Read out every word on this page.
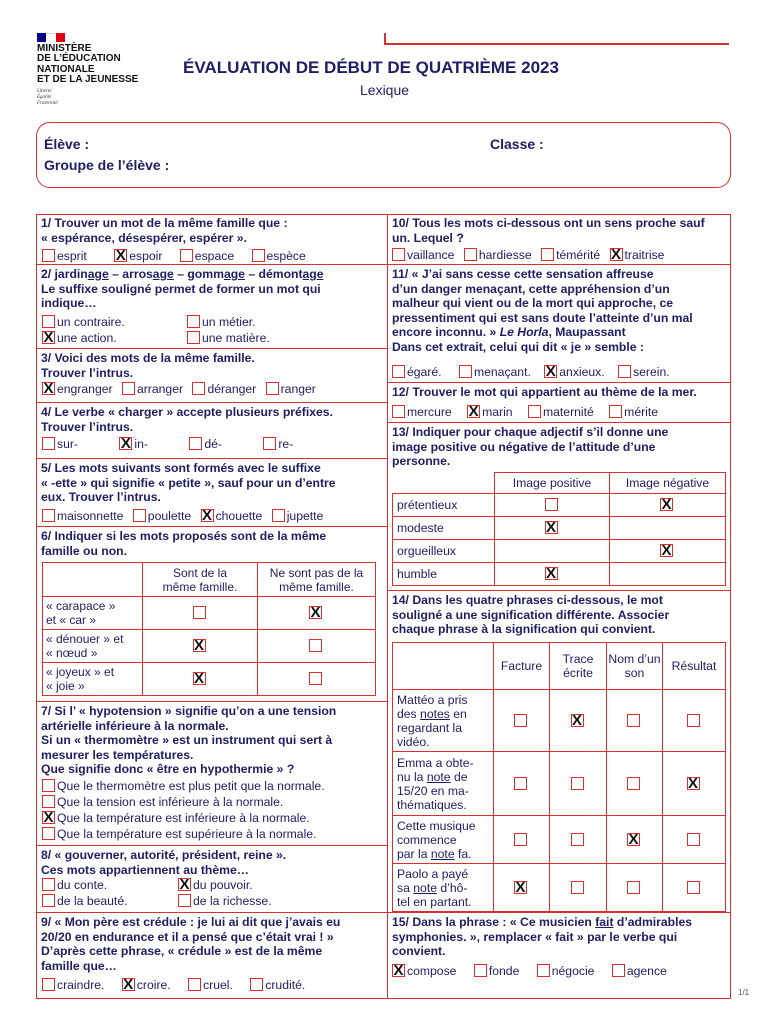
MINISTÈRE
DE L’ÉDUCATION
NATIONALE
ET DE LA JEUNESSE
Liberté
Égalité
Fraternité
ÉVALUATION DE DÉBUT DE QUATRIÈME 2023
Lexique
Élève :	Classe :
Groupe de l’élève :
1/ Trouver un mot de la même famille que :
« espérance, désespérer, espérer ».
esprit X	espoir	espace	espèce
2/ jardinage – arrosage – gommage – démontage
Le suffixe souligné permet de former un mot qui
indique…
un contraire.	un métier.
Xune action.	une matière.
3/ Voici des mots de la même famille.
Trouver l’intrus.
Xengranger arranger déranger ranger
4/ Le verbe « charger » accepte plusieurs préfixes.
Trouver l’intrus.
sur- X	in-	dé-	re-
5/ Les mots suivants sont formés avec le suffixe
« -ette » qui signifie « petite », sauf pour un d’entre
eux. Trouver l’intrus.
maisonnette poulette X chouette jupette
6/ Indiquer si les mots proposés sont de la même
famille ou non.
	Sont de la
même famille.	Ne sont pas de la
même famille.
« carapace »
et « car »		X
« dénouer » et
« nœud »	X	
« joyeux » et
« joie »	X	
7/ Si l’ « hypotension » signifie qu’on a une tension
artérielle inférieure à la normale.
Si un « thermomètre » est un instrument qui sert à
mesurer les températures.
Que signifie donc « être en hypothermie » ?
Que le thermomètre est plus petit que la normale.
Que la tension est inférieure à la normale.
XQue la température est inférieure à la normale.
Que la température est supérieure à la normale.
8/ « gouverner, autorité, président, reine ».
Ces mots appartiennent au thème…
du conte. X	du pouvoir.
de la beauté.	de la richesse.
9/ « Mon père est crédule : je lui ai dit que j’avais eu
20/20 en endurance et il a pensé que c’était vrai ! »
D’après cette phrase, « crédule » est de la même
famille que…
craindre. X	croire.	cruel.	crudité.
10/ Tous les mots ci-dessous ont un sens proche sauf
un. Lequel ?
vaillance hardiesse témérité X traitrise
11/ « J’ai sans cesse cette sensation affreuse
d’un danger menaçant, cette appréhension d’un
malheur qui vient ou de la mort qui approche, ce
pressentiment qui est sans doute l’atteinte d’un mal
encore inconnu. » Le Horla, Maupassant
Dans cet extrait, celui qui dit « je » semble :
égaré.	menaçant. X anxieux. serein.
12/ Trouver le mot qui appartient au thème de la mer.
mercure X marin maternité mérite
13/ Indiquer pour chaque adjectif s’il donne une
image positive ou négative de l’attitude d’une
personne.
	Image positive	Image négative
prétentieux		X
modeste	X	
orgueilleux		X
humble	X	
14/ Dans les quatre phrases ci-dessous, le mot
souligné a une signification différente. Associer
chaque phrase à la signification qui convient.
	Facture	Trace écrite	Nom d’un son	Résultat
Mattéo a pris
des notes en
regardant la
vidéo.		X		
Emma a obte-
nu la note de
15/20 en ma-
thématiques.				X
Cette musique
commence
par la note fa.			X	
Paolo a payé
sa note d’hô-
tel en partant.	X			
15/ Dans la phrase : « Ce musicien fait d’admirables
symphonies. », remplacer « fait » par le verbe qui
convient.
Xcompose	fonde	négocie	agence
1/1
